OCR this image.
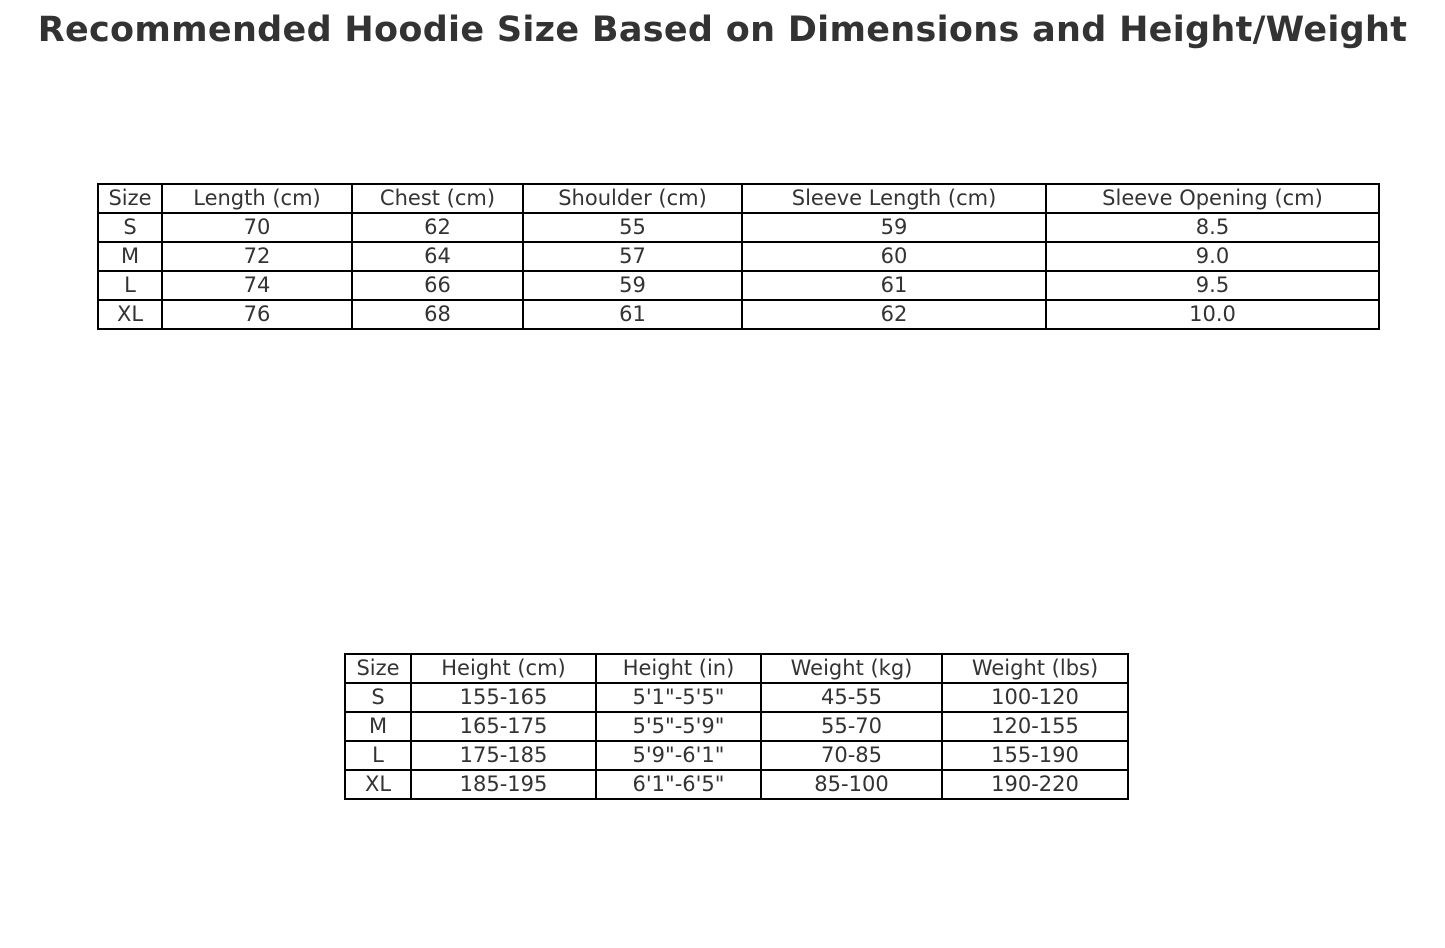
Recommended Hoodie Size Based on Dimensions and Height/Weight
Size	Length (cm)	Chest (cm)	Shoulder (cm)	Sleeve Length (cm)	Sleeve Opening (cm)
S	70	62	55	59	8.5
M	72	64	57	60	9.0
L	74	66	59	61	9.5
XL	76	68	61	62	10.0
Size	Height (cm)	Height (in)	Weight (kg)	Weight (lbs)
S	155-165	5'1"-5'5"	45-55	100-120
M	165-175	5'5"-5'9"	55-70	120-155
L	175-185	5'9"-6'1"	70-85	155-190
XL	185-195	6'1"-6'5"	85-100	190-220
